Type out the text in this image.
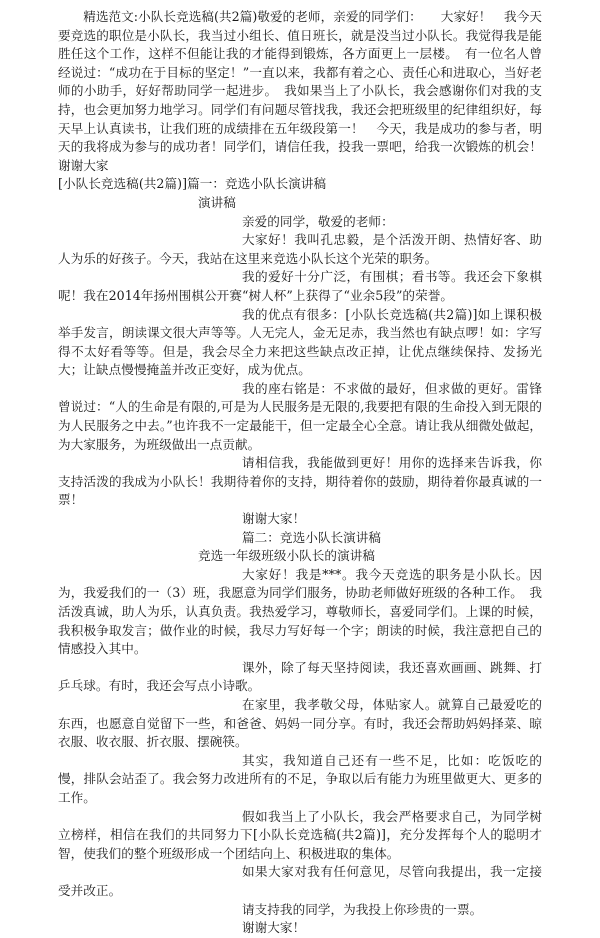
精选范文:小队长竞选稿(共2篇)敬爱的老师，亲爱的同学们：　　大家好！　我今天要竞选的职位是小队长，我当过小组长、值日班长，就是没当过小队长。我觉得我是能胜任这个工作，这样不但能让我的才能得到锻炼，各方面更上一层楼。　有一位名人曾经说过：“成功在于目标的坚定！”一直以来，我都有着之心、责任心和进取心，当好老师的小助手，好好帮助同学一起进步。　我如果当上了小队长，我会感谢你们对我的支持，也会更加努力地学习。同学们有问题尽管找我，我还会把班级里的纪律组织好，每天早上认真读书，让我们班的成绩排在五年级段第一！　今天，我是成功的参与者，明天的我将成为参与的成功者！同学们，请信任我，投我一票吧，给我一次锻炼的机会！　谢谢大家

[小队长竞选稿(共2篇)]篇一：竞选小队长演讲稿

演讲稿

亲爱的同学，敬爱的老师：

大家好！我叫孔忠毅，是个活泼开朗、热情好客、助人为乐的好孩子。今天，我站在这里来竞选小队长这个光荣的职务。

我的爱好十分广泛，有围棋；看书等。我还会下象棋呢！我在2014年扬州围棋公开赛“树人杯”上获得了“业余5段”的荣誉。

我的优点有很多：[小队长竞选稿(共2篇)]如上课积极举手发言，朗读课文很大声等等。人无完人，金无足赤，我当然也有缺点啰！如：字写得不太好看等等。但是，我会尽全力来把这些缺点改正掉，让优点继续保持、发扬光大；让缺点慢慢掩盖并改正变好，成为优点。

我的座右铭是：不求做的最好，但求做的更好。雷锋曾说过：“人的生命是有限的,可是为人民服务是无限的,我要把有限的生命投入到无限的为人民服务之中去。”也许我不一定最能干，但一定最全心全意。请让我从细微处做起，为大家服务，为班级做出一点贡献。

请相信我，我能做到更好！用你的选择来告诉我，你支持活泼的我成为小队长！我期待着你的支持，期待着你的鼓励，期待着你最真诚的一票！

谢谢大家！

篇二：竞选小队长演讲稿

竞选一年级班级小队长的演讲稿

大家好！我是***。我今天竞选的职务是小队长。因为，我爱我们的一（3）班，我愿意为同学们服务，协助老师做好班级的各种工作。　我活泼真诚，助人为乐，认真负责。我热爱学习，尊敬师长，喜爱同学们。上课的时候，我积极争取发言；做作业的时候，我尽力写好每一个字；朗读的时候，我注意把自己的情感投入其中。

课外，除了每天坚持阅读，我还喜欢画画、跳舞、打乒乓球。有时，我还会写点小诗歌。

在家里，我孝敬父母，体贴家人。就算自己最爱吃的东西，也愿意自觉留下一些，和爸爸、妈妈一同分享。有时，我还会帮助妈妈择菜、晾衣服、收衣服、折衣服、摆碗筷。

其实，我知道自己还有一些不足，比如：吃饭吃的慢，排队会站歪了。我会努力改进所有的不足，争取以后有能力为班里做更大、更多的工作。

假如我当上了小队长，我会严格要求自己，为同学树立榜样，相信在我们的共同努力下[小队长竞选稿(共2篇)]，充分发挥每个人的聪明才智，使我们的整个班级形成一个团结向上、积极进取的集体。

如果大家对我有任何意见，尽管向我提出，我一定接受并改正。

请支持我的同学，为我投上你珍贵的一票。

谢谢大家！
